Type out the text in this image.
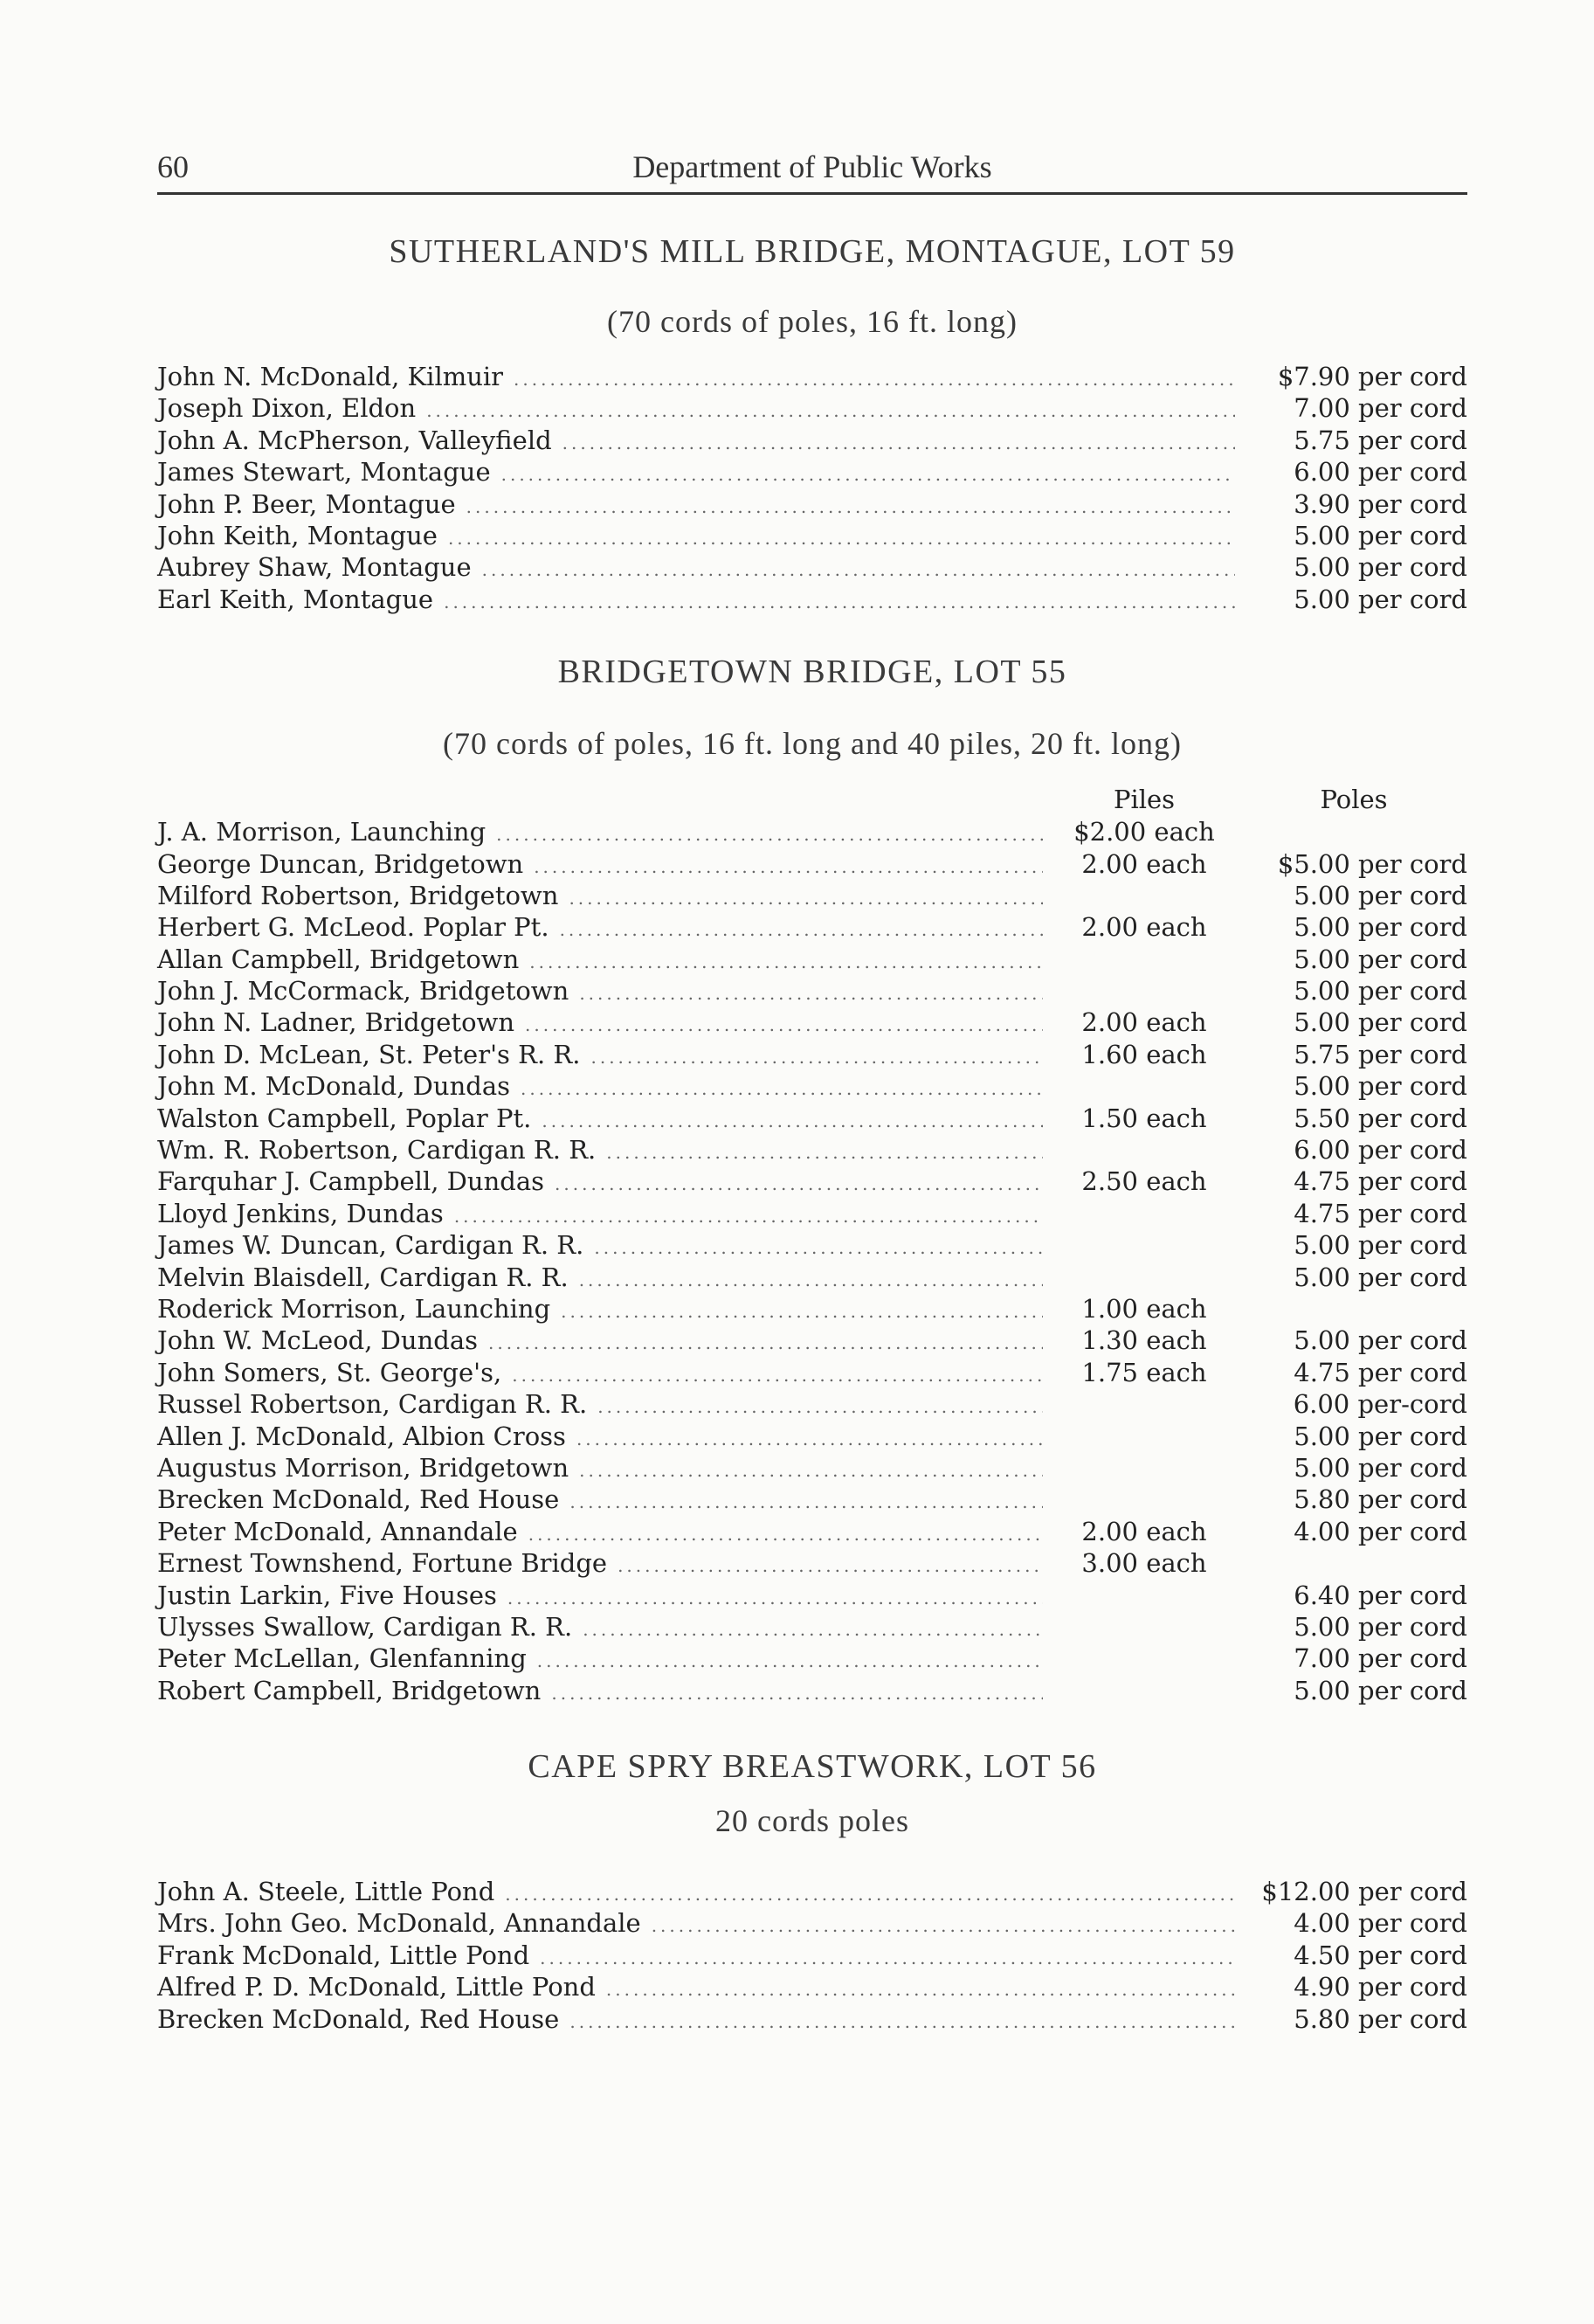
60	Department of Public Works
SUTHERLAND'S MILL BRIDGE, MONTAGUE, LOT 59
(70 cords of poles, 16 ft. long)
John N. McDonald, Kilmuir .....	$7.90 per cord
Joseph Dixon, Eldon .....	7.00 per cord
John A. McPherson, Valleyfield .....	5.75 per cord
James Stewart, Montague .....	6.00 per cord
John P. Beer, Montague .....	3.90 per cord
John Keith, Montague .....	5.00 per cord
Aubrey Shaw, Montague .....	5.00 per cord
Earl Keith, Montague .....	5.00 per cord
BRIDGETOWN BRIDGE, LOT 55
(70 cords of poles, 16 ft. long and 40 piles, 20 ft. long)
Piles	Poles
J. A. Morrison, Launching .....	$2.00 each
George Duncan, Bridgetown .....	2.00 each	$5.00 per cord
Milford Robertson, Bridgetown .....	5.00 per cord
Herbert G. McLeod. Poplar Pt. .....	2.00 each	5.00 per cord
Allan Campbell, Bridgetown .....	5.00 per cord
John J. McCormack, Bridgetown .....	5.00 per cord
John N. Ladner, Bridgetown .....	2.00 each	5.00 per cord
John D. McLean, St. Peter's R. R. .....	1.60 each	5.75 per cord
John M. McDonald, Dundas .....	5.00 per cord
Walston Campbell, Poplar Pt. .....	1.50 each	5.50 per cord
Wm. R. Robertson, Cardigan R. R. .....	6.00 per cord
Farquhar J. Campbell, Dundas .....	2.50 each	4.75 per cord
Lloyd Jenkins, Dundas .....	4.75 per cord
James W. Duncan, Cardigan R. R. .....	5.00 per cord
Melvin Blaisdell, Cardigan R. R. .....	5.00 per cord
Roderick Morrison, Launching .....	1.00 each
John W. McLeod, Dundas .....	1.30 each	5.00 per cord
John Somers, St. George's, .....	1.75 each	4.75 per cord
Russel Robertson, Cardigan R. R. .....	6.00 per-cord
Allen J. McDonald, Albion Cross .....	5.00 per cord
Augustus Morrison, Bridgetown .....	5.00 per cord
Brecken McDonald, Red House .....	5.80 per cord
Peter McDonald, Annandale .....	2.00 each	4.00 per cord
Ernest Townshend, Fortune Bridge .....	3.00 each
Justin Larkin, Five Houses .....	6.40 per cord
Ulysses Swallow, Cardigan R. R. .....	5.00 per cord
Peter McLellan, Glenfanning .....	7.00 per cord
Robert Campbell, Bridgetown .....	5.00 per cord
CAPE SPRY BREASTWORK, LOT 56
20 cords poles
John A. Steele, Little Pond .....	$12.00 per cord
Mrs. John Geo. McDonald, Annandale .....	4.00 per cord
Frank McDonald, Little Pond .....	4.50 per cord
Alfred P. D. McDonald, Little Pond .....	4.90 per cord
Brecken McDonald, Red House .....	5.80 per cord
